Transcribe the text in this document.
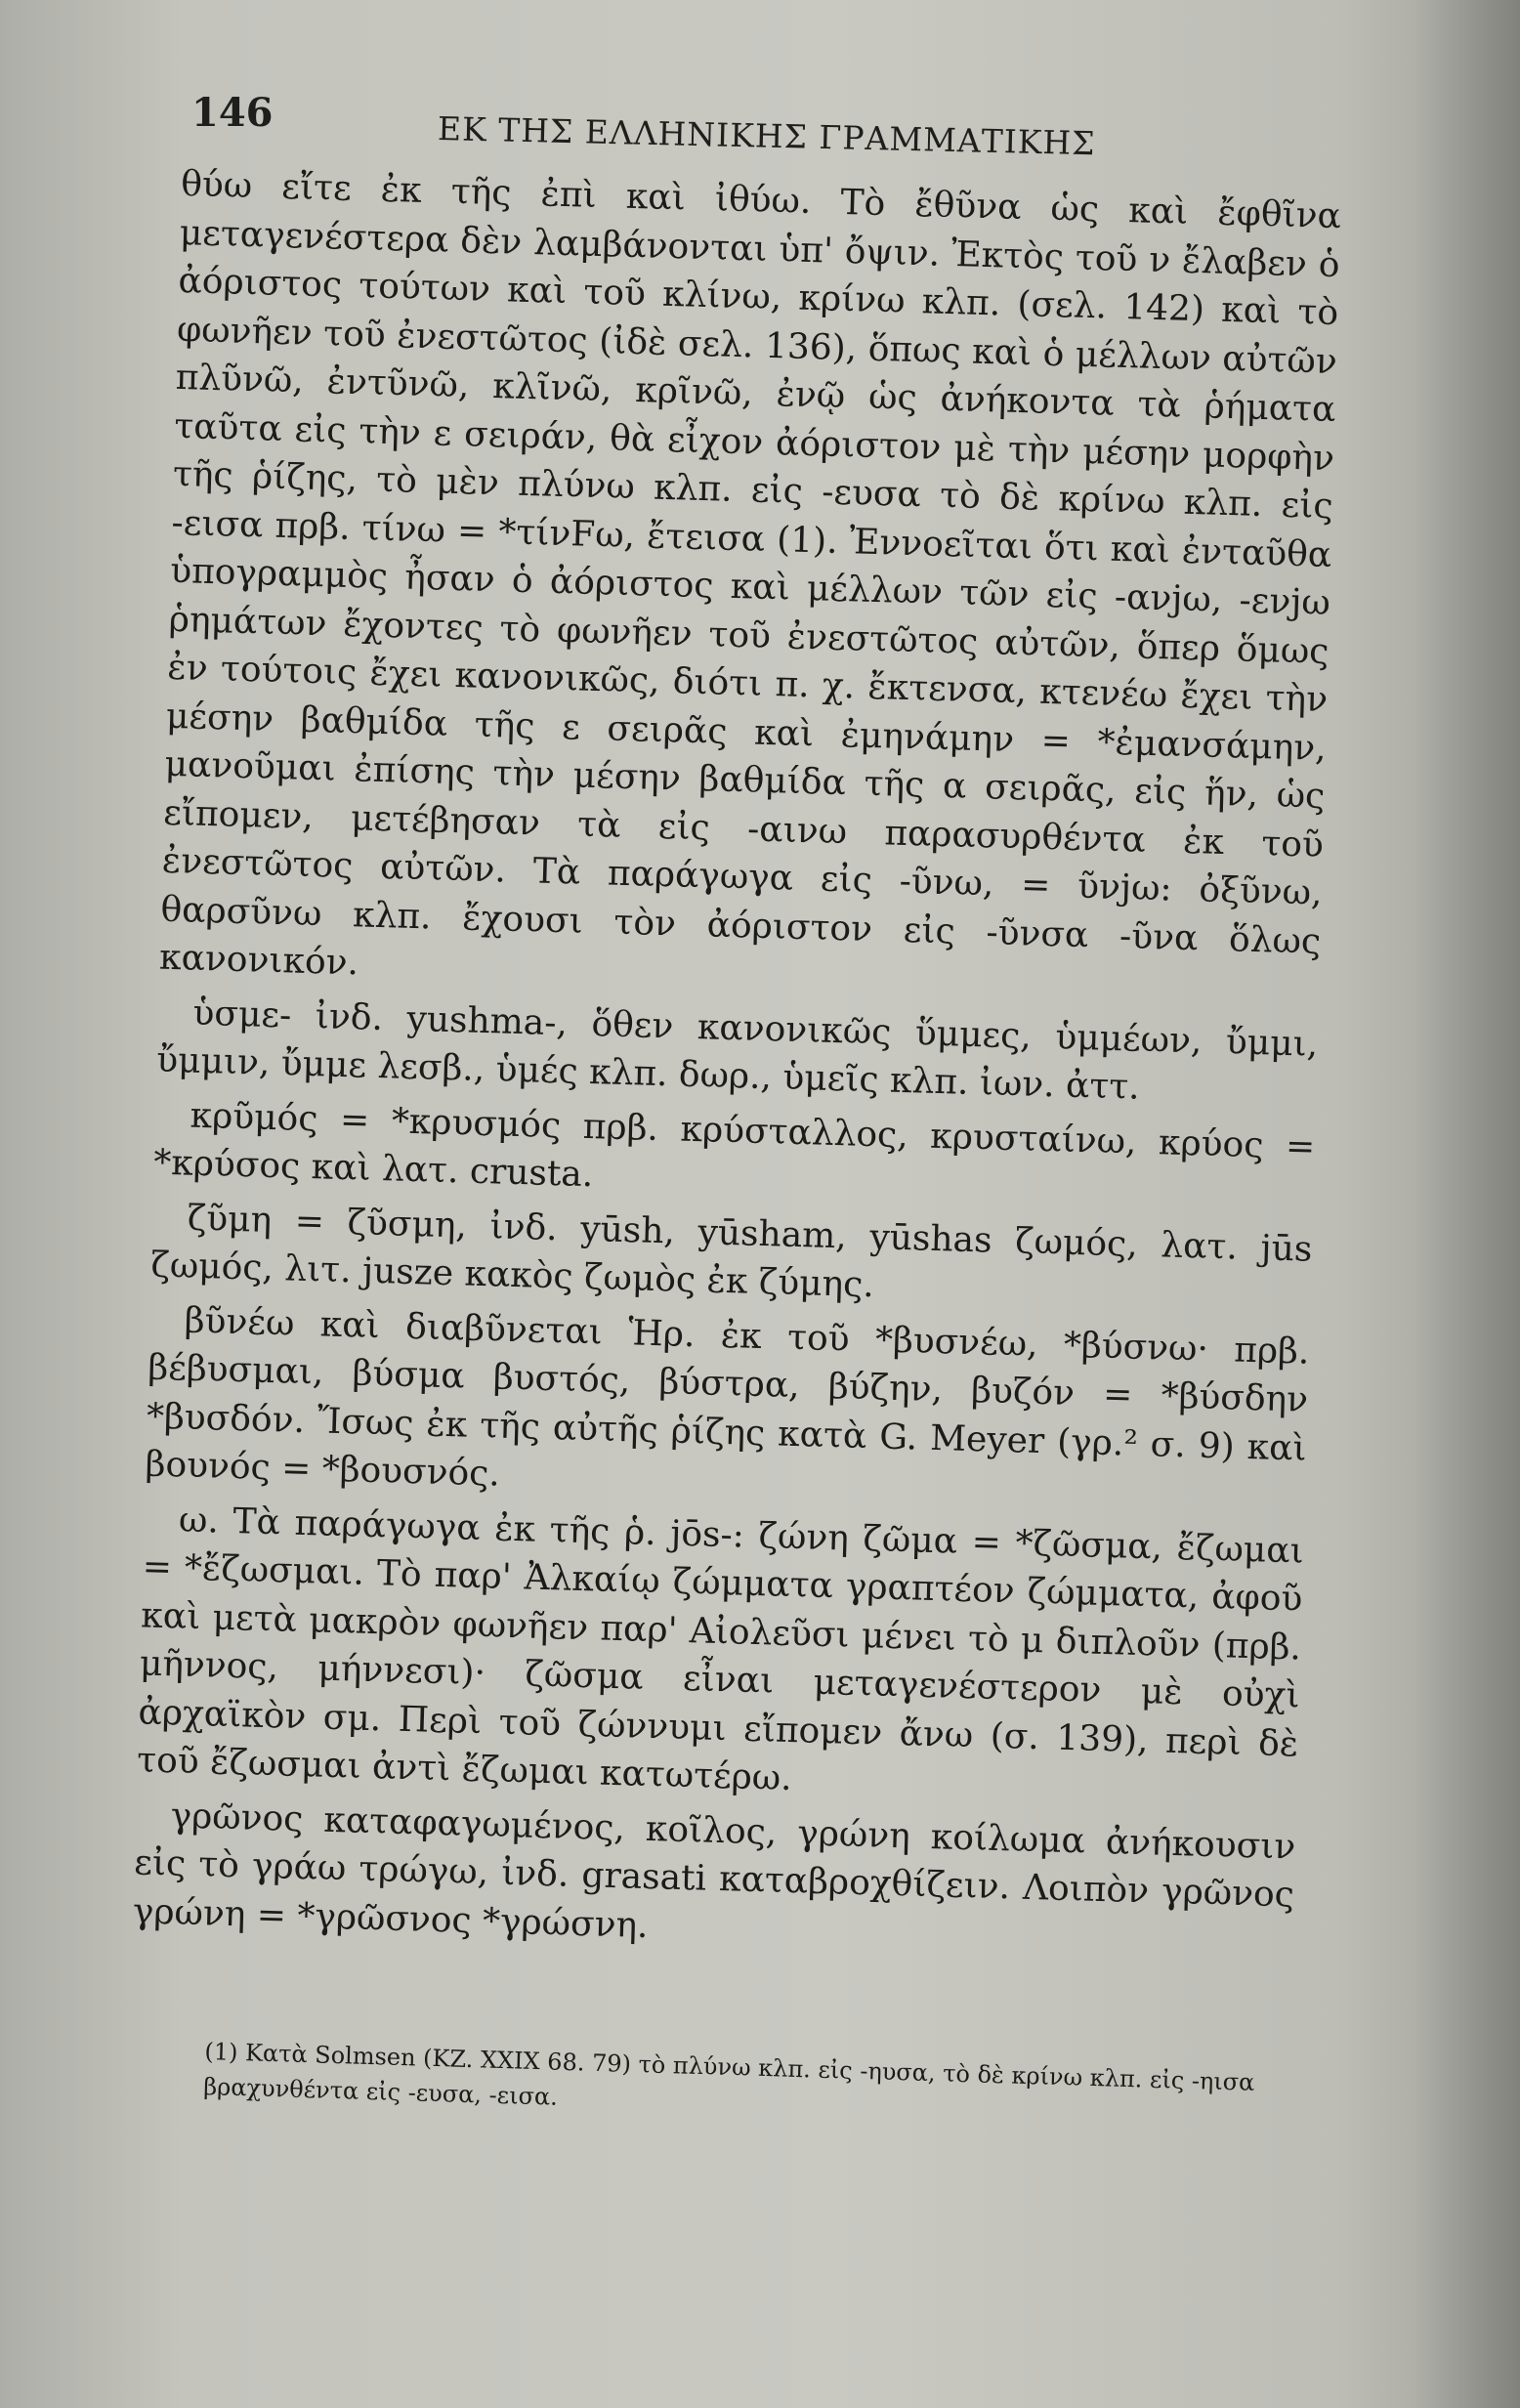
146	ΕΚ ΤΗΣ ΕΛΛΗΝΙΚΗΣ ΓΡΑΜΜΑΤΙΚΗΣ

θύω εἴτε ἐκ τῆς ἐπὶ καὶ ἰθύω. Τὸ ἔθῦνα ὡς καὶ ἔφθῖνα μεταγενέστερα δὲν λαμβάνονται ὑπ' ὄψιν. Ἐκτὸς τοῦ ν ἔλαβεν ὁ ἀόριστος τούτων καὶ τοῦ κλίνω, κρίνω κλπ. (σελ. 142) καὶ τὸ φωνῆεν τοῦ ἐνεστῶτος (ἰδὲ σελ. 136), ὅπως καὶ ὁ μέλλων αὐτῶν πλῦνῶ, ἐντῦνῶ, κλῖνῶ, κρῖνῶ, ἐνῷ ὡς ἀνήκοντα τὰ ῥήματα ταῦτα εἰς τὴν ε σειράν, θὰ εἶχον ἀόριστον μὲ τὴν μέσην μορφὴν τῆς ῥίζης, τὸ μὲν πλύνω κλπ. εἰς -ευσα τὸ δὲ κρίνω κλπ. εἰς -εισα πρβ. τίνω = *τίνFω, ἔτεισα (1). Ἐννοεῖται ὅτι καὶ ἐνταῦθα ὑπογραμμὸς ἦσαν ὁ ἀόριστος καὶ μέλλων τῶν εἰς -ανjω, -ενjω ῥημάτων ἔχοντες τὸ φωνῆεν τοῦ ἐνεστῶτος αὐτῶν, ὅπερ ὅμως ἐν τούτοις ἔχει κανονικῶς, διότι π. χ. ἔκτενσα, κτενέω ἔχει τὴν μέσην βαθμίδα τῆς ε σειρᾶς καὶ ἐμηνάμην = *ἐμανσάμην, μανοῦμαι ἐπίσης τὴν μέσην βαθμίδα τῆς α σειρᾶς, εἰς ἥν, ὡς εἴπομεν, μετέβησαν τὰ εἰς -αινω παρασυρθέντα ἐκ τοῦ ἐνεστῶτος αὐτῶν. Τὰ παράγωγα εἰς -ῦνω, = ῦνjω: ὀξῦνω, θαρσῦνω κλπ. ἔχουσι τὸν ἀόριστον εἰς -ῦνσα -ῦνα ὅλως κανονικόν.

ὑσμε- ἰνδ. yushma-, ὅθεν κανονικῶς ὕμμες, ὑμμέων, ὔμμι, ὔμμιν, ὔμμε λεσβ., ὑμές κλπ. δωρ., ὑμεῖς κλπ. ἰων. ἀττ.

κρῦμός = *κρυσμός πρβ. κρύσταλλος, κρυσταίνω, κρύος = *κρύσος καὶ λατ. crusta.

ζῦμη = ζῦσμη, ἰνδ. yūsh, yūsham, yūshas ζωμός, λατ. jūs ζωμός, λιτ. jusze κακὸς ζωμὸς ἐκ ζύμης.

βῦνέω καὶ διαβῦνεται Ἡρ. ἐκ τοῦ *βυσνέω, *βύσνω· πρβ. βέβυσμαι, βύσμα βυστός, βύστρα, βύζην, βυζόν = *βύσδην *βυσδόν. Ἴσως ἐκ τῆς αὐτῆς ῥίζης κατὰ G. Meyer (γρ.² σ. 9) καὶ βουνός = *βουσνός.

ω. Τὰ παράγωγα ἐκ τῆς ῥ. jōs-: ζώνη ζῶμα = *ζῶσμα, ἔζωμαι = *ἔζωσμαι. Τὸ παρ' Ἀλκαίῳ ζώμματα γραπτέον ζώμματα, ἀφοῦ καὶ μετὰ μακρὸν φωνῆεν παρ' Αἰολεῦσι μένει τὸ μ διπλοῦν (πρβ. μῆννος, μήννεσι)· ζῶσμα εἶναι μεταγενέστερον μὲ οὐχὶ ἀρχαϊκὸν σμ. Περὶ τοῦ ζώννυμι εἴπομεν ἄνω (σ. 139), περὶ δὲ τοῦ ἔζωσμαι ἀντὶ ἔζωμαι κατωτέρω.

γρῶνος καταφαγωμένος, κοῖλος, γρώνη κοίλωμα ἀνήκουσιν εἰς τὸ γράω τρώγω, ἰνδ. grasati καταβροχθίζειν. Λοιπὸν γρῶνος γρώνη = *γρῶσνος *γρώσνη.

(1) Κατὰ Solmsen (KZ. XXIX 68. 79) τὸ πλύνω κλπ. εἰς -ηυσα, τὸ δὲ κρίνω κλπ. εἰς -ηισα βραχυνθέντα εἰς -ευσα, -εισα.
